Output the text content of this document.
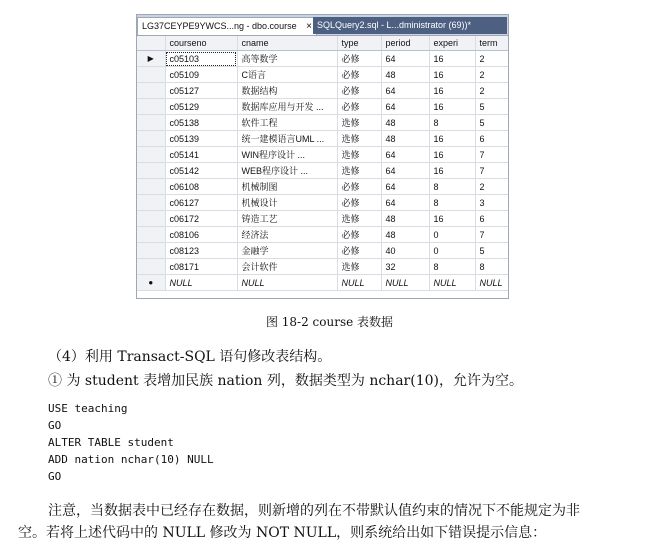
LG37CEYPE9YWCS...ng - dbo.course × SQLQuery2.sql - L...dministrator (69))*
	courseno	cname	type	period	experi	term
▶	c05103	高等数学	必修	64	16	2
	c05109	C语言	必修	48	16	2
	c05127	数据结构	必修	64	16	2
	c05129	数据库应用与开发 ...	必修	64	16	5
	c05138	软件工程	选修	48	8	5
	c05139	统一建模语言UML ...	选修	48	16	6
	c05141	WIN程序设计 ...	选修	64	16	7
	c05142	WEB程序设计 ...	选修	64	16	7
	c06108	机械制图	必修	64	8	2
	c06127	机械设计	必修	64	8	3
	c06172	铸造工艺	选修	48	16	6
	c08106	经济法	必修	48	0	7
	c08123	金融学	必修	40	0	5
	c08171	会计软件	选修	32	8	8
●	NULL	NULL	NULL	NULL	NULL	NULL
图 18-2 course 表数据
（4）利用 Transact-SQL 语句修改表结构。
① 为 student 表增加民族 nation 列，数据类型为 nchar(10)，允许为空。
USE teaching
GO
ALTER TABLE student
ADD nation nchar(10) NULL
GO
注意，当数据表中已经存在数据，则新增的列在不带默认值约束的情况下不能规定为非
空。若将上述代码中的 NULL 修改为 NOT NULL，则系统给出如下错误提示信息：
